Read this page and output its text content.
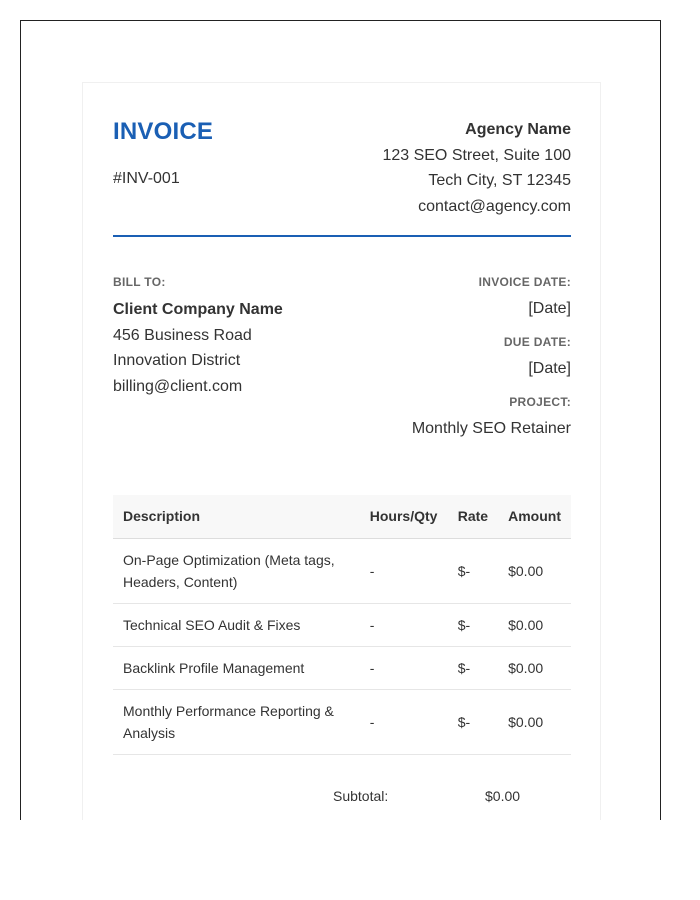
INVOICE
#INV-001
Agency Name
123 SEO Street, Suite 100
Tech City, ST 12345
contact@agency.com
BILL TO:
Client Company Name
456 Business Road
Innovation District
billing@client.com
INVOICE DATE:
[Date]
DUE DATE:
[Date]
PROJECT:
Monthly SEO Retainer
Description	Hours/Qty	Rate	Amount
On-Page Optimization (Meta tags, Headers, Content)	-	$-	$0.00
Technical SEO Audit & Fixes	-	$-	$0.00
Backlink Profile Management	-	$-	$0.00
Monthly Performance Reporting & Analysis	-	$-	$0.00
Subtotal:	$0.00
